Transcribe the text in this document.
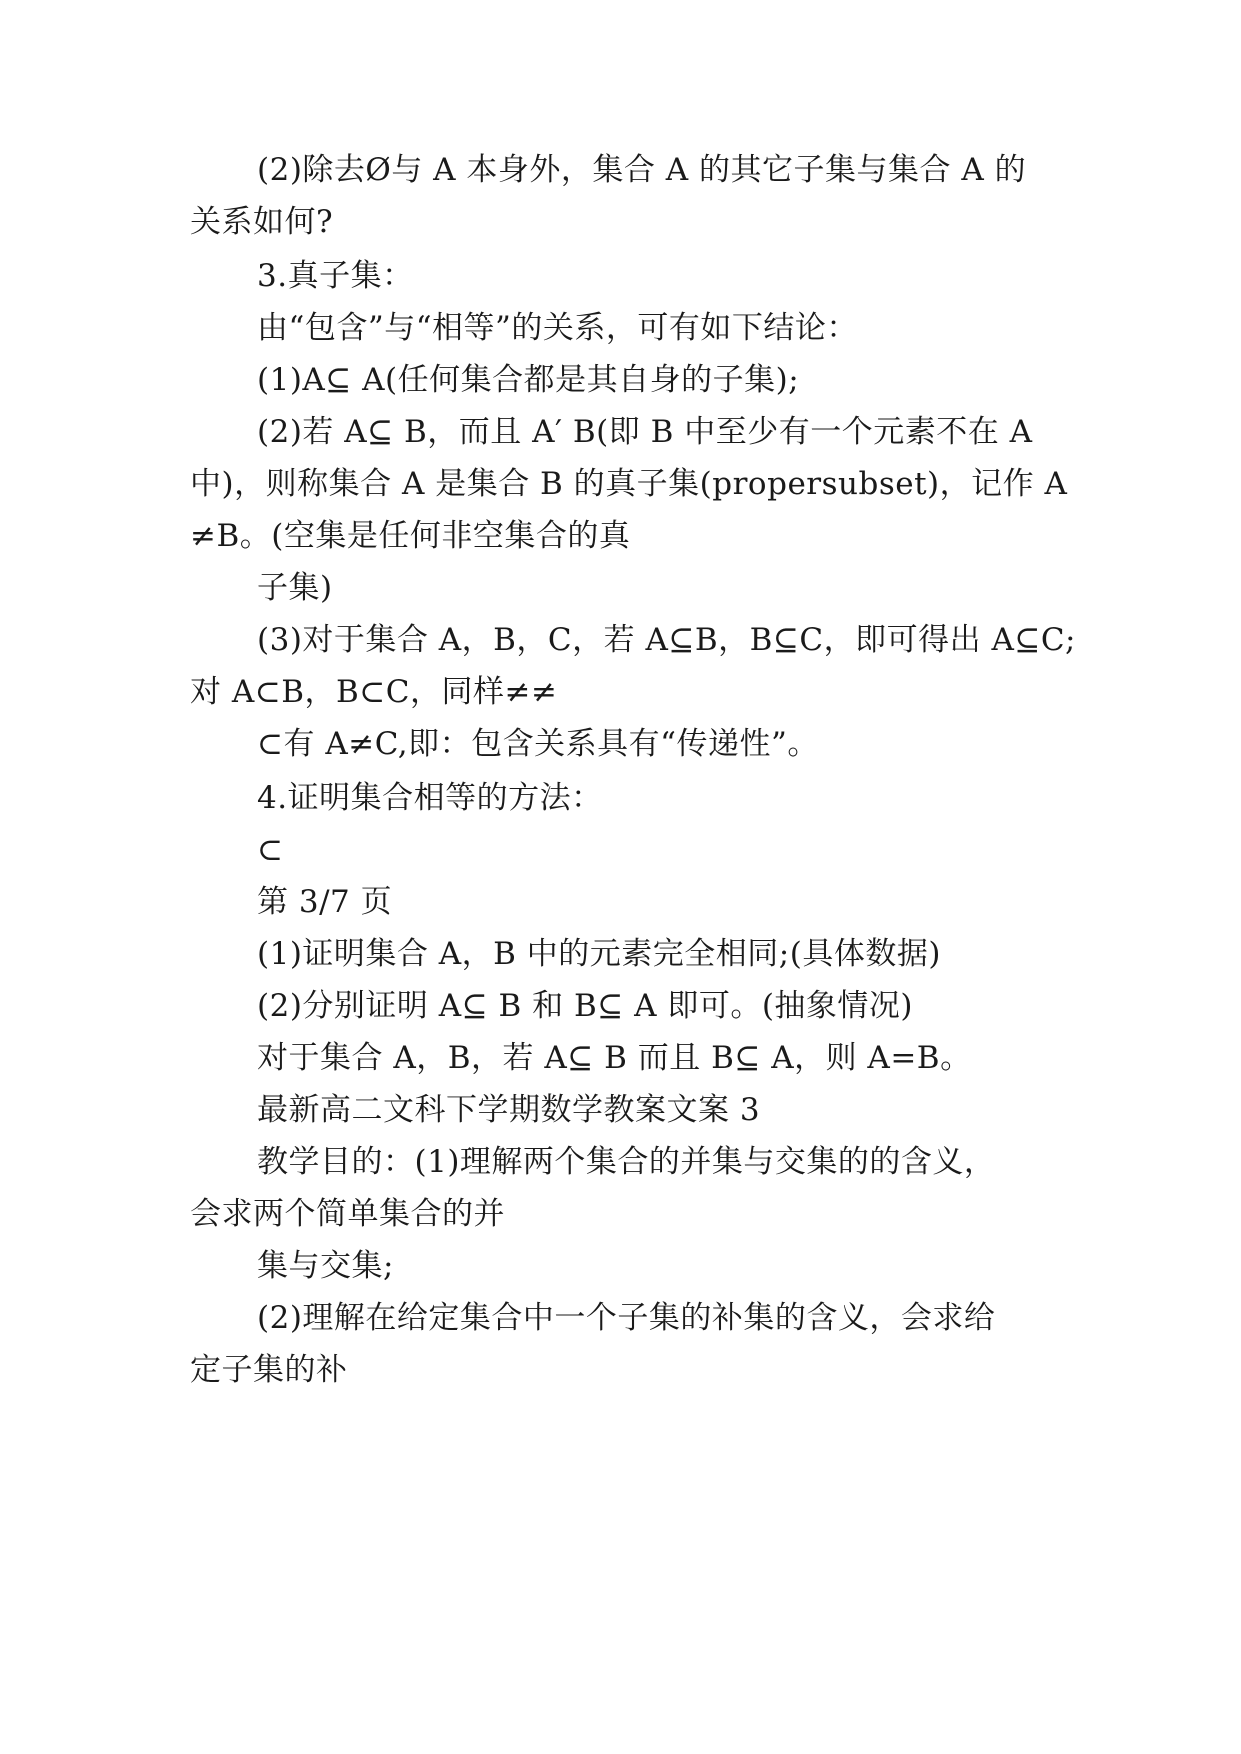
(2)除去Ø与 A 本身外，集合 A 的其它子集与集合 A 的
关系如何?
3.真子集：
由“包含”与“相等”的关系，可有如下结论：
(1)A⊆ A(任何集合都是其自身的子集);
(2)若 A⊆ B，而且 A′ B(即 B 中至少有一个元素不在 A
中)，则称集合 A 是集合 B 的真子集(propersubset)，记作 A
≠B。(空集是任何非空集合的真
子集)
(3)对于集合 A，B，C，若 A⊆B，B⊆C，即可得出 A⊆C;
对 A⊂B，B⊂C，同样≠≠
⊂有 A≠C,即：包含关系具有“传递性”。
4.证明集合相等的方法：
⊂
第 3/7 页
(1)证明集合 A，B 中的元素完全相同;(具体数据)
(2)分别证明 A⊆ B 和 B⊆ A 即可。(抽象情况)
对于集合 A，B，若 A⊆ B 而且 B⊆ A，则 A=B。
最新高二文科下学期数学教案文案 3
教学目的：(1)理解两个集合的并集与交集的的含义，
会求两个简单集合的并
集与交集;
(2)理解在给定集合中一个子集的补集的含义，会求给
定子集的补
